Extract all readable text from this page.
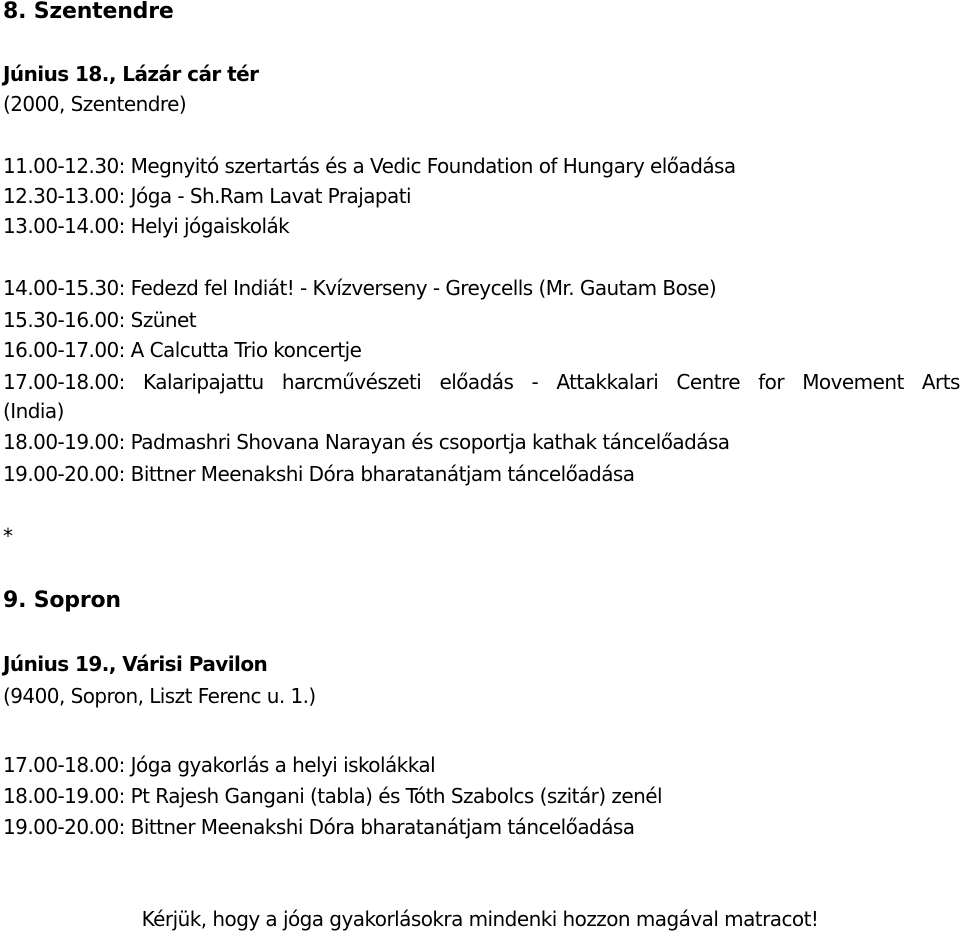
8. Szentendre
Június 18., Lázár cár tér
(2000, Szentendre)
11.00-12.30: Megnyitó szertartás és a Vedic Foundation of Hungary előadása
12.30-13.00: Jóga - Sh.Ram Lavat Prajapati
13.00-14.00: Helyi jógaiskolák
14.00-15.30: Fedezd fel Indiát! - Kvízverseny - Greycells (Mr. Gautam Bose)
15.30-16.00: Szünet
16.00-17.00: A Calcutta Trio koncertje
17.00-18.00: Kalaripajattu harcművészeti előadás - Attakkalari Centre for Movement Arts
(India)
18.00-19.00: Padmashri Shovana Narayan és csoportja kathak táncelőadása
19.00-20.00: Bittner Meenakshi Dóra bharatanátjam táncelőadása
*
9. Sopron
Június 19., Várisi Pavilon
(9400, Sopron, Liszt Ferenc u. 1.)
17.00-18.00: Jóga gyakorlás a helyi iskolákkal
18.00-19.00: Pt Rajesh Gangani (tabla) és Tóth Szabolcs (szitár) zenél
19.00-20.00: Bittner Meenakshi Dóra bharatanátjam táncelőadása
Kérjük, hogy a jóga gyakorlásokra mindenki hozzon magával matracot!
